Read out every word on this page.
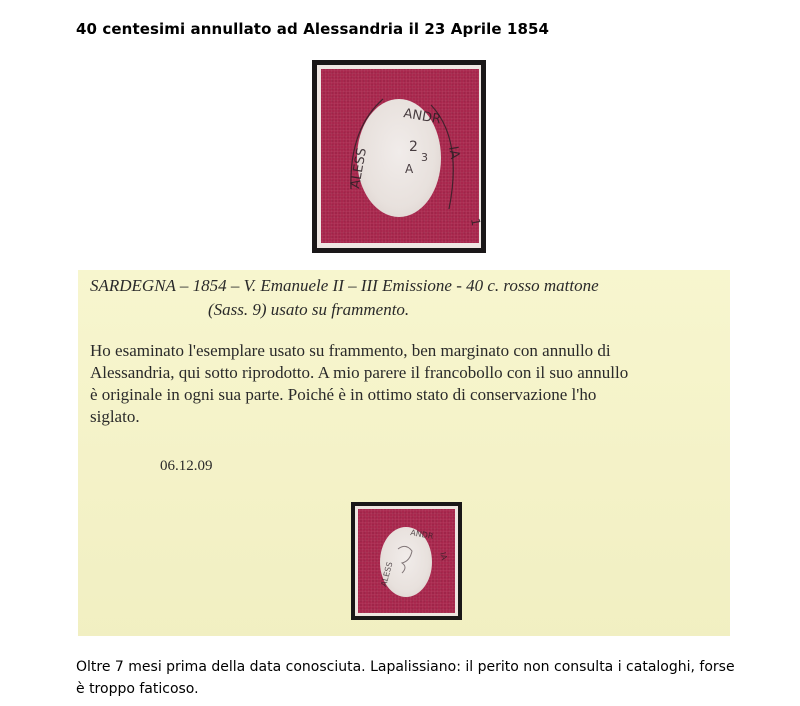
40 centesimi annullato ad Alessandria il 23 Aprile 1854
ALESS
ANDR
IA
2
3
A
1
SARDEGNA – 1854 – V. Emanuele II – III Emissione - 40 c. rosso mattone
(Sass. 9) usato su frammento.
Ho esaminato l'esemplare usato su frammento, ben marginato con annullo di
Alessandria, qui sotto riprodotto. A mio parere il francobollo con il suo annullo
è originale in ogni sua parte. Poiché è in ottimo stato di conservazione l'ho
siglato.
06.12.09
ALESS
ANDR
IA
Oltre 7 mesi prima della data conosciuta. Lapalissiano: il perito non consulta i cataloghi, forse è troppo faticoso.
